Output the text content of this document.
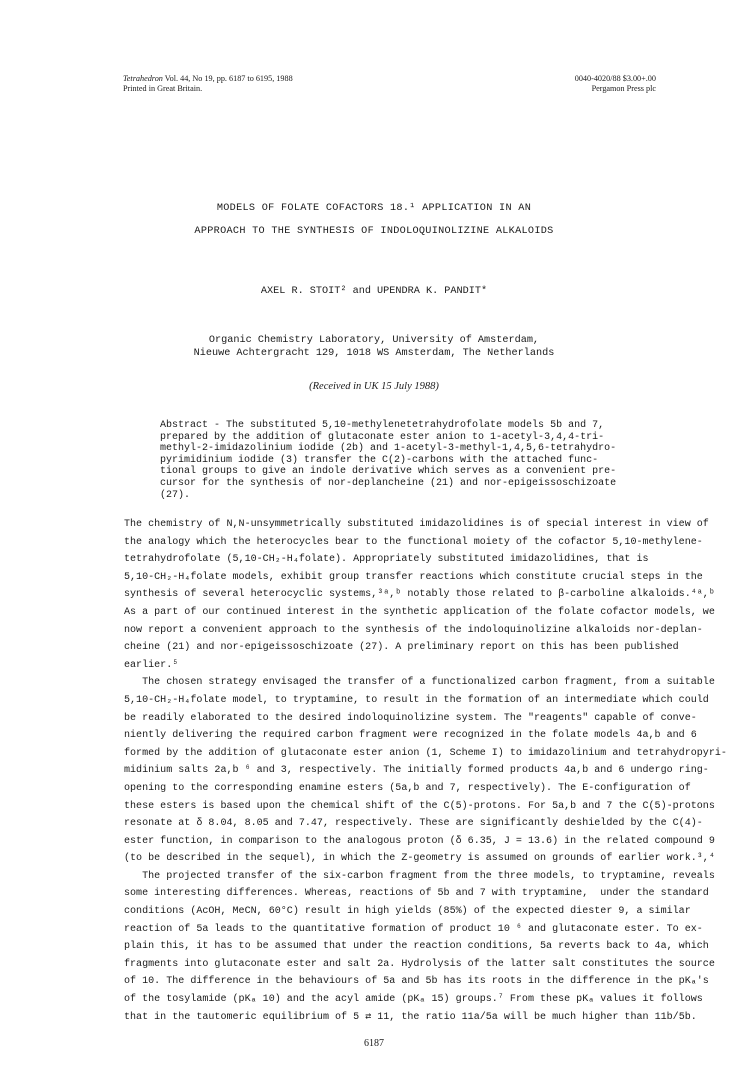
Tetrahedron Vol. 44, No 19, pp. 6187 to 6195, 1988
Printed in Great Britain.
0040-4020/88 $3.00+.00
Pergamon Press plc
MODELS OF FOLATE COFACTORS 18.¹ APPLICATION IN AN
APPROACH TO THE SYNTHESIS OF INDOLOQUINOLIZINE ALKALOIDS
AXEL R. STOIT² and UPENDRA K. PANDIT*
Organic Chemistry Laboratory, University of Amsterdam,
Nieuwe Achtergracht 129, 1018 WS Amsterdam, The Netherlands
(Received in UK 15 July 1988)
Abstract - The substituted 5,10-methylenetetrahydrofolate models 5b and 7,
prepared by the addition of glutaconate ester anion to 1-acetyl-3,4,4-tri-
methyl-2-imidazolinium iodide (2b) and 1-acetyl-3-methyl-1,4,5,6-tetrahydro-
pyrimidinium iodide (3) transfer the C(2)-carbons with the attached func-
tional groups to give an indole derivative which serves as a convenient pre-
cursor for the synthesis of nor-deplancheine (21) and nor-epigeissoschizoate
(27).
The chemistry of N,N-unsymmetrically substituted imidazolidines is of special interest in view of
the analogy which the heterocycles bear to the functional moiety of the cofactor 5,10-methylene-
tetrahydrofolate (5,10-CH₂-H₄folate). Appropriately substituted imidazolidines, that is
5,10-CH₂-H₄folate models, exhibit group transfer reactions which constitute crucial steps in the
synthesis of several heterocyclic systems,³ᵃ,ᵇ notably those related to β-carboline alkaloids.⁴ᵃ,ᵇ
As a part of our continued interest in the synthetic application of the folate cofactor models, we
now report a convenient approach to the synthesis of the indoloquinolizine alkaloids nor-deplan-
cheine (21) and nor-epigeissoschizoate (27). A preliminary report on this has been published
earlier.⁵
The chosen strategy envisaged the transfer of a functionalized carbon fragment, from a suitable
5,10-CH₂-H₄folate model, to tryptamine, to result in the formation of an intermediate which could
be readily elaborated to the desired indoloquinolizine system. The "reagents" capable of conve-
niently delivering the required carbon fragment were recognized in the folate models 4a,b and 6
formed by the addition of glutaconate ester anion (1, Scheme I) to imidazolinium and tetrahydropyri-
midinium salts 2a,b ⁶ and 3, respectively. The initially formed products 4a,b and 6 undergo ring-
opening to the corresponding enamine esters (5a,b and 7, respectively). The E-configuration of
these esters is based upon the chemical shift of the C(5)-protons. For 5a,b and 7 the C(5)-protons
resonate at δ 8.04, 8.05 and 7.47, respectively. These are significantly deshielded by the C(4)-
ester function, in comparison to the analogous proton (δ 6.35, J = 13.6) in the related compound 9
(to be described in the sequel), in which the Z-geometry is assumed on grounds of earlier work.³,⁴
The projected transfer of the six-carbon fragment from the three models, to tryptamine, reveals
some interesting differences. Whereas, reactions of 5b and 7 with tryptamine,  under the standard
conditions (AcOH, MeCN, 60°C) result in high yields (85%) of the expected diester 9, a similar
reaction of 5a leads to the quantitative formation of product 10 ⁶ and glutaconate ester. To ex-
plain this, it has to be assumed that under the reaction conditions, 5a reverts back to 4a, which
fragments into glutaconate ester and salt 2a. Hydrolysis of the latter salt constitutes the source
of 10. The difference in the behaviours of 5a and 5b has its roots in the difference in the pKₐ's
of the tosylamide (pKₐ 10) and the acyl amide (pKₐ 15) groups.⁷ From these pKₐ values it follows
that in the tautomeric equilibrium of 5 ⇄ 11, the ratio 11a/5a will be much higher than 11b/5b.
6187
